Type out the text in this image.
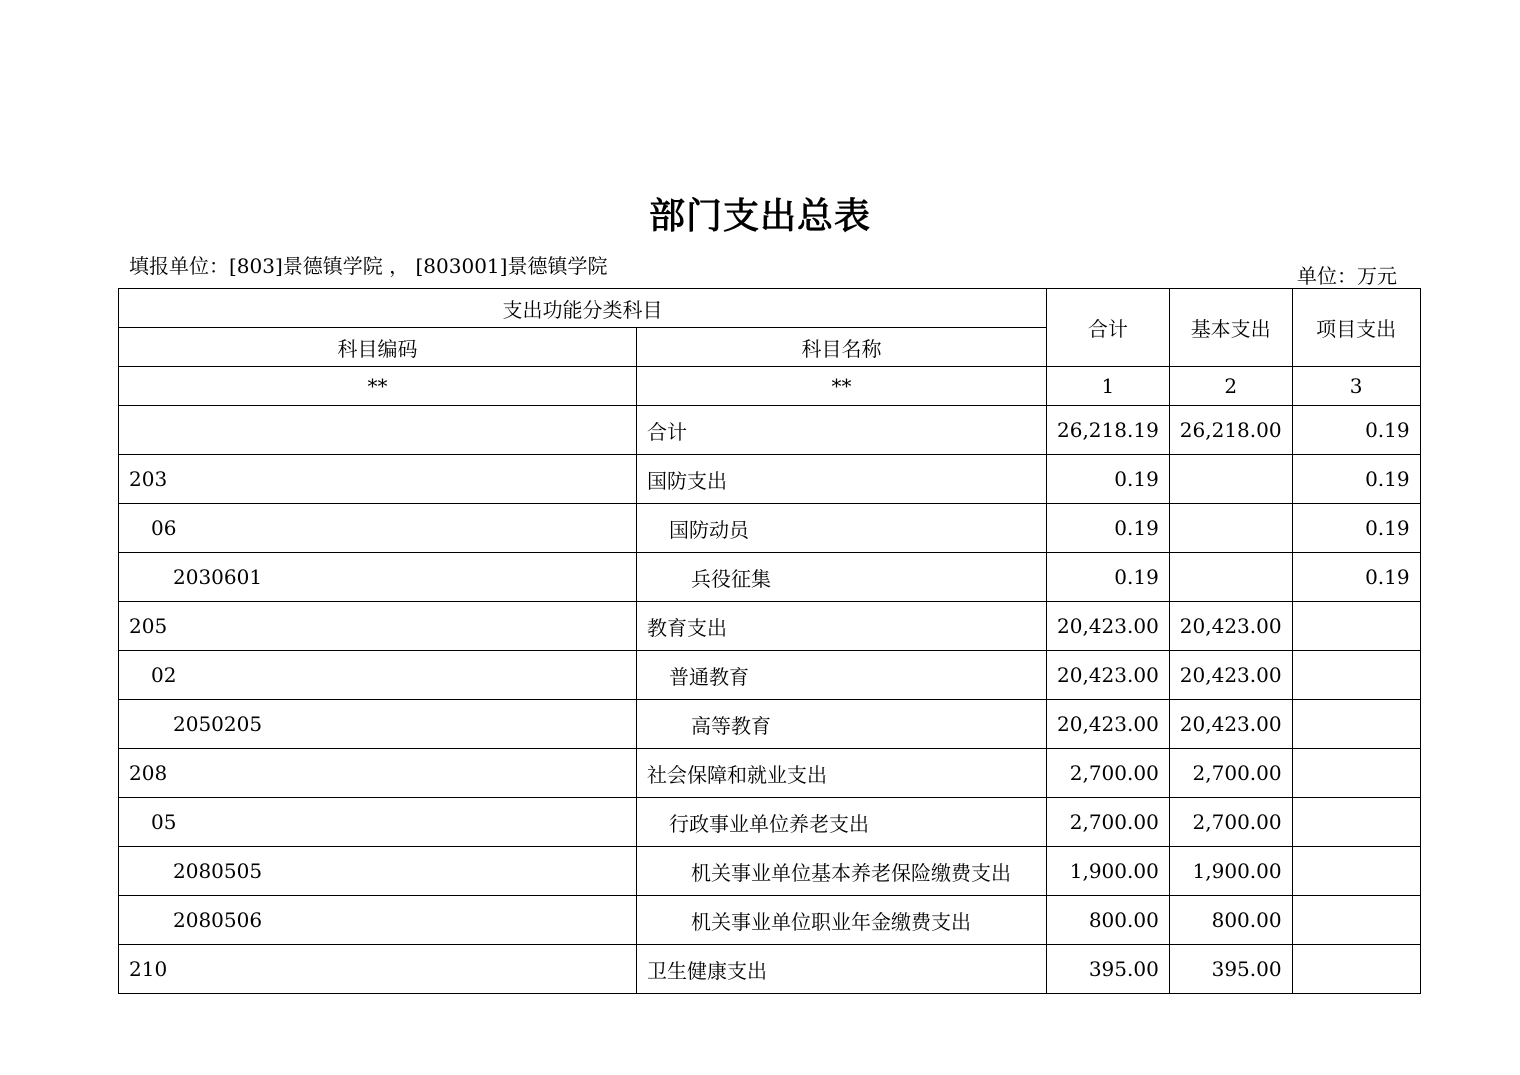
部门支出总表
填报单位：[803]景德镇学院 ， [803001]景德镇学院	单位：万元
支出功能分类科目		合计	基本支出	项目支出
科目编码	科目名称			
**	**	1	2	3
	合计	26,218.19	26,218.00	0.19
203	国防支出	0.19		0.19
06	国防动员	0.19		0.19
2030601	兵役征集	0.19		0.19
205	教育支出	20,423.00	20,423.00	
02	普通教育	20,423.00	20,423.00	
2050205	高等教育	20,423.00	20,423.00	
208	社会保障和就业支出	2,700.00	2,700.00	
05	行政事业单位养老支出	2,700.00	2,700.00	
2080505	机关事业单位基本养老保险缴费支出	1,900.00	1,900.00	
2080506	机关事业单位职业年金缴费支出	800.00	800.00	
210	卫生健康支出	395.00	395.00	
